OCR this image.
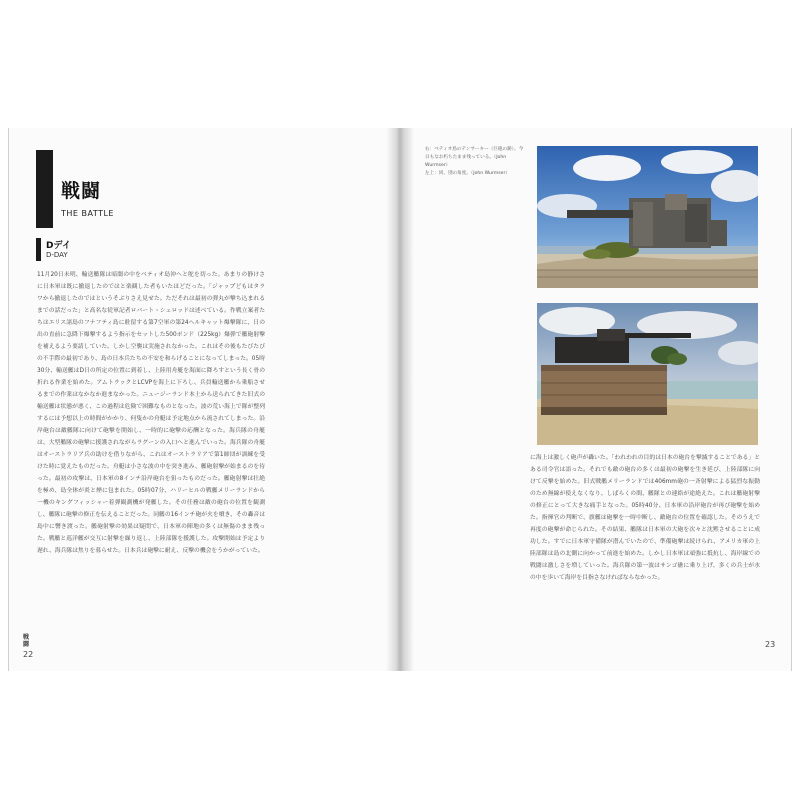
戦闘
THE BATTLE
Dデイ
D-DAY
11月20日未明、輸送艦隊は暗闇の中をベティオ島沖へと舵を切った。あまりの静けさに日本軍は既に撤退したのではと楽観した者もいたほどだった。「ジャップどもはタラワから撤退したのではというそぶりさえ見せた。ただそれは最初の弾丸が撃ち込まれるまでの話だった」と高名な従軍記者ロバート・シェロッドは述べている。作戦立案者たちはエリス諸島のフナフティ島に駐留する第7空軍の第24ヘルキャット爆撃隊に、日の出の直前に急降下爆撃するよう指示をセットした500ポンド（225kg）爆弾で艦砲射撃を補えるよう要請していた。しかし空襲は実施されなかった。これはその後もたびたびの不手際の最初であり、島の日本兵たちの不安を和らげることになってしまった。05時30分、輸送艦はD日の所定の位置に到着し、上陸用舟艇を海面に降ろすという長く骨の折れる作業を始めた。アムトラックとLCVPを海上に下ろし、兵員輸送艦から乗船させるまでの作業はなかなか進まなかった。ニュージーランド本土から送られてきた旧式の輸送艦は状態が悪く、この過程は危険で困難なものとなった。波の荒い海上で隊が整列するには予想以上の時間がかかり、何隻かの舟艇は予定地点から流されてしまった。沿岸砲台は敵艦隊に向けて砲撃を開始し、一時的に砲撃の応酬となった。海兵隊の舟艇は、大型艦隊の砲撃に援護されながらラグーンの入口へと進んでいった。海兵隊の舟艇はオーストラリア兵の助けを借りながら、これはオーストラリアで第1師団が訓練を受けた時に覚えたものだった。舟艇は小さな波の中を突き進み、艦砲射撃が始まるのを待った。最初の攻撃は、日本軍の8インチ沿岸砲台を狙ったものだった。艦砲射撃は壮絶を極め、島全体が炎と煙に包まれた。05時07分、ハリーヒルの戦艦メリーランドから一機のキングフィッシャー着弾観測機が発艦した。その任務は敵の砲台の位置を観測し、艦隊に砲撃の修正を伝えることだった。同艦の16インチ砲が火を噴き、その轟音は島中に響き渡った。艦砲射撃の効果は疑問で、日本軍の陣地の多くは無傷のまま残った。戦艦と巡洋艦が交互に射撃を繰り返し、上陸部隊を援護した。攻撃開始は予定より遅れ、海兵隊は焦りを募らせた。日本兵は砲撃に耐え、反撃の機会をうかがっていた。
戦闘
22
右：ベティオ島のテンサーキー（巨砲の跡）。今日もなお朽ちたまま残っている。（John Wurmser）
左上：同、別の角度。（John Wurmser）
に海上は激しく砲声が轟いた。「われわれの目的は日本の砲台を撃滅することである」とある司令官は語った。それでも敵の砲台の多くは最初の砲撃を生き延び、上陸部隊に向けて反撃を始めた。旧式戦艦メリーランドでは406mm砲の一斉射撃による猛烈な振動のため無線が使えなくなり、しばらくの間、艦隊との連絡が途絶えた。これは艦砲射撃の修正にとって大きな痛手となった。05時40分、日本軍の沿岸砲台が再び砲撃を始めた。指揮官の判断で、旗艦は砲撃を一時中断し、敵砲台の位置を確認した。そのうえで再度の砲撃が命じられた。その結果、艦隊は日本軍の大砲を次々と沈黙させることに成功した。すでに日本軍守備隊が潜んでいたので、準備砲撃は続けられ、アメリカ軍の上陸部隊は島の北側に向かって前進を始めた。しかし日本軍は頑強に抵抗し、海岸線での戦闘は激しさを増していった。海兵隊の第一波はサンゴ礁に乗り上げ、多くの兵士が水の中を歩いて海岸を目指さなければならなかった。
23
